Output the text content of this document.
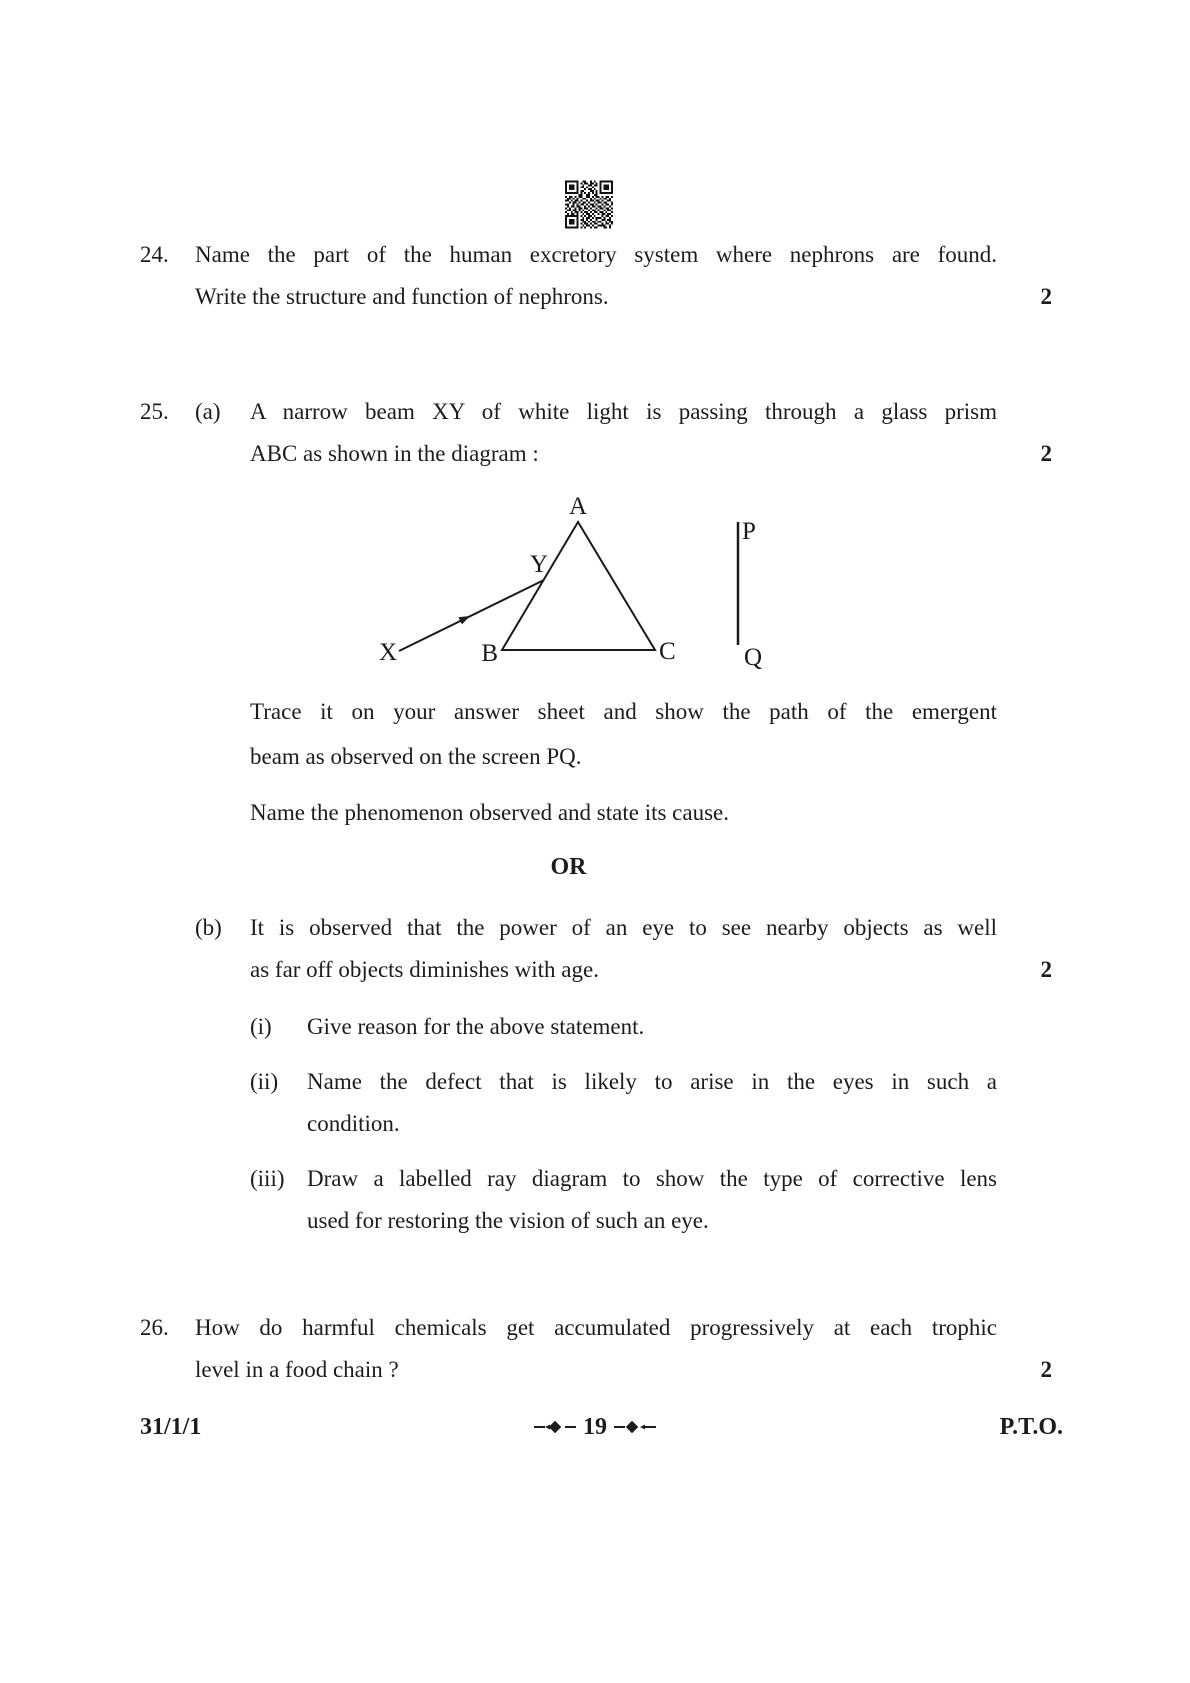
24.	Name the part of the human excretory system where nephrons are found.
Write the structure and function of nephrons.	2
25.	(a)	A narrow beam XY of white light is passing through a glass prism
ABC as shown in the diagram :	2
A
Y
X	B	C
P
Q
Trace it on your answer sheet and show the path of the emergent
beam as observed on the screen PQ.
Name the phenomenon observed and state its cause.
OR
(b)	It is observed that the power of an eye to see nearby objects as well
as far off objects diminishes with age.	2
(i)	Give reason for the above statement.
(ii)	Name the defect that is likely to arise in the eyes in such a
condition.
(iii) Draw a labelled ray diagram to show the type of corrective lens
used for restoring the vision of such an eye.
26.	How do harmful chemicals get accumulated progressively at each trophic
level in a food chain ?	2
31/1/1	19	P.T.O.
